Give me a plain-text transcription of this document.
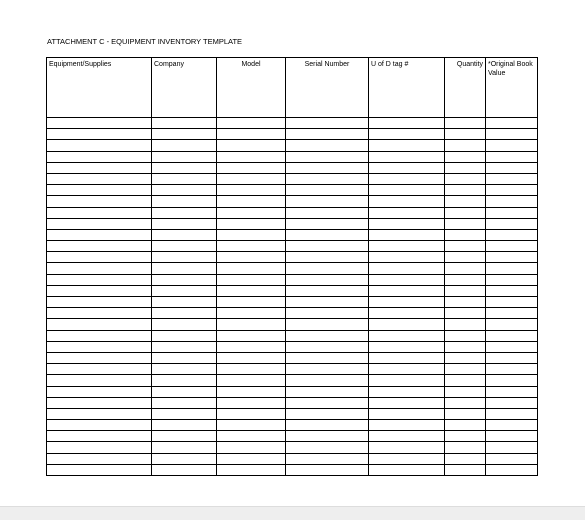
ATTACHMENT C - EQUIPMENT INVENTORY TEMPLATE
Equipment/Supplies	Company	Model	Serial Number	U of D tag #	Quantity	*Original Book Value
